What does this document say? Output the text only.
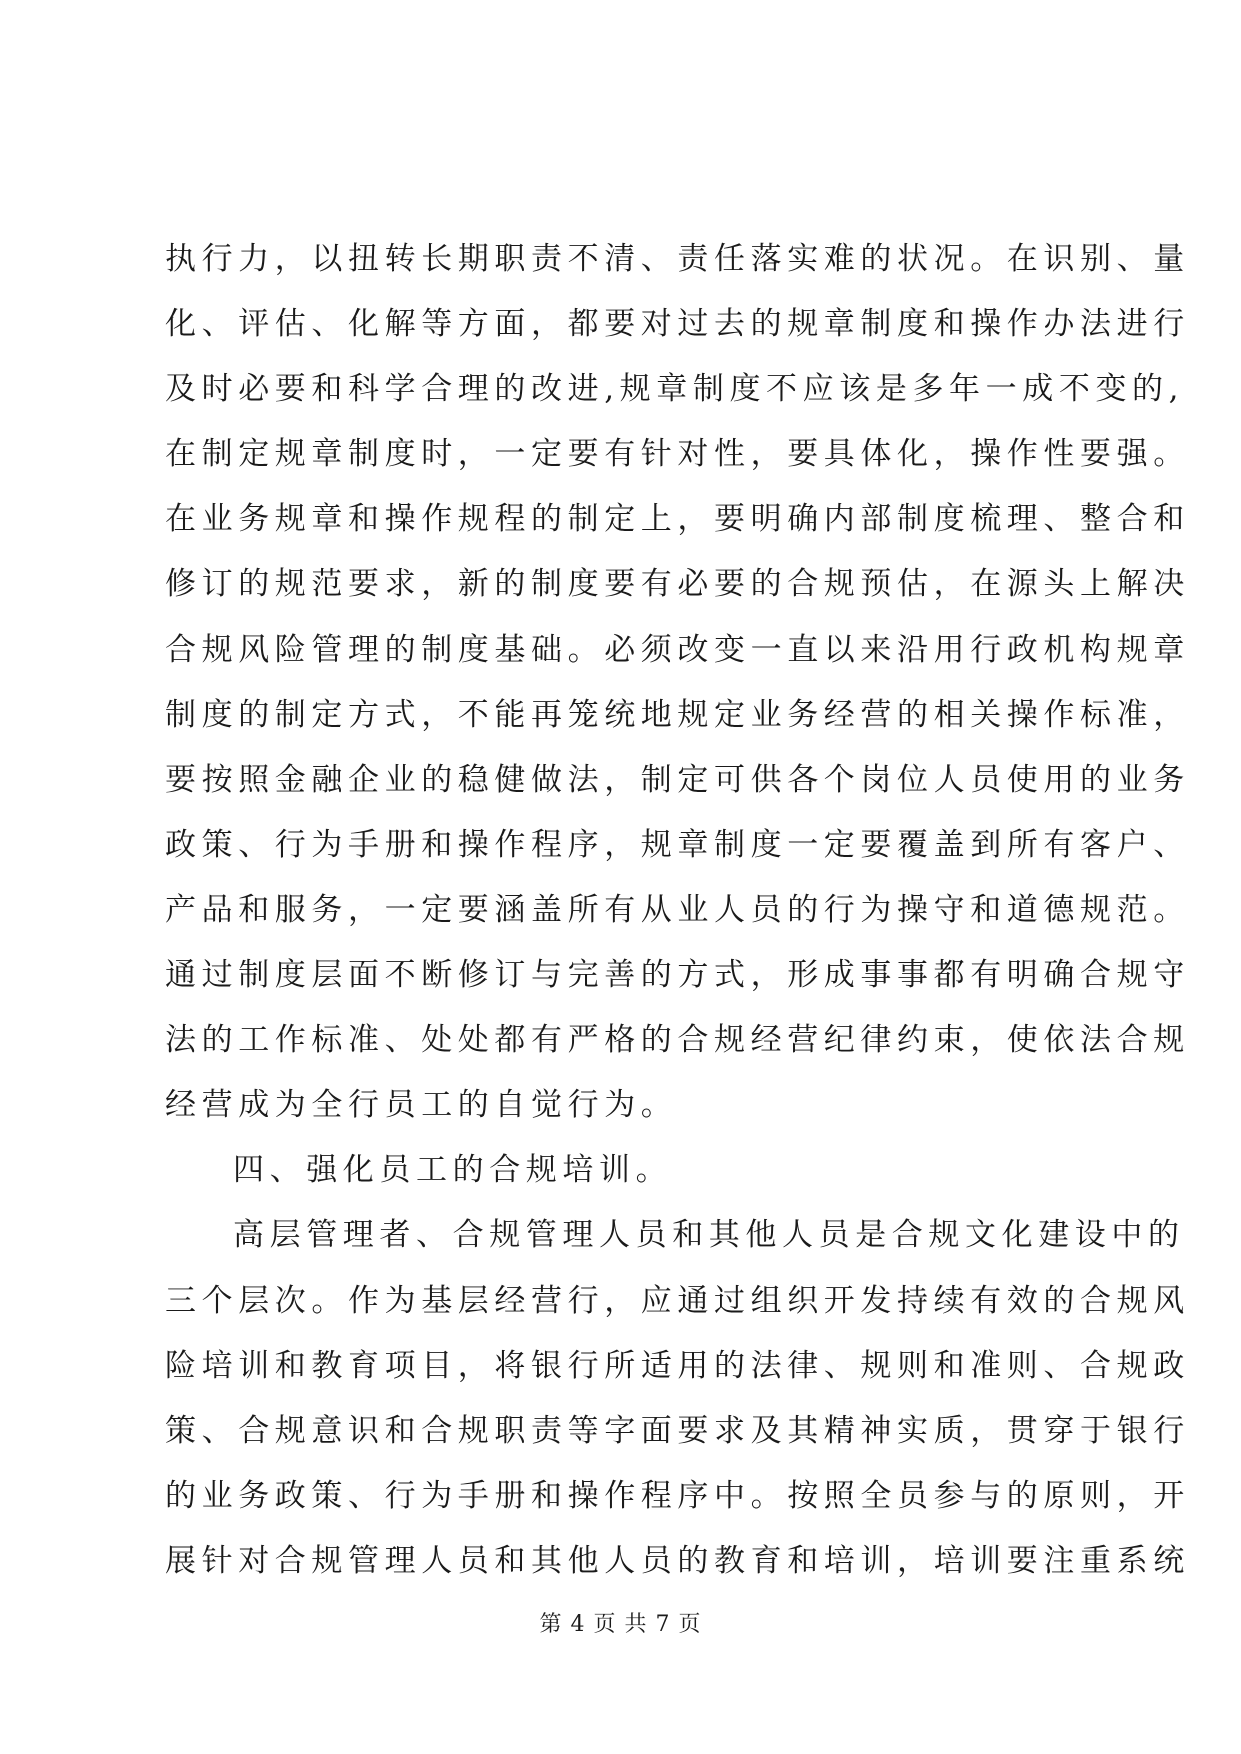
执行力，以扭转长期职责不清、责任落实难的状况。在识别、量
化、评估、化解等方面，都要对过去的规章制度和操作办法进行
及时必要和科学合理的改进,规章制度不应该是多年一成不变的,
在制定规章制度时，一定要有针对性，要具体化，操作性要强。
在业务规章和操作规程的制定上，要明确内部制度梳理、整合和
修订的规范要求，新的制度要有必要的合规预估，在源头上解决
合规风险管理的制度基础。必须改变一直以来沿用行政机构规章
制度的制定方式，不能再笼统地规定业务经营的相关操作标准，
要按照金融企业的稳健做法，制定可供各个岗位人员使用的业务
政策、行为手册和操作程序，规章制度一定要覆盖到所有客户、
产品和服务，一定要涵盖所有从业人员的行为操守和道德规范。
通过制度层面不断修订与完善的方式，形成事事都有明确合规守
法的工作标准、处处都有严格的合规经营纪律约束，使依法合规
经营成为全行员工的自觉行为。
四、强化员工的合规培训。
高层管理者、合规管理人员和其他人员是合规文化建设中的
三个层次。作为基层经营行，应通过组织开发持续有效的合规风
险培训和教育项目，将银行所适用的法律、规则和准则、合规政
策、合规意识和合规职责等字面要求及其精神实质，贯穿于银行
的业务政策、行为手册和操作程序中。按照全员参与的原则，开
展针对合规管理人员和其他人员的教育和培训，培训要注重系统
第 4 页 共 7 页
